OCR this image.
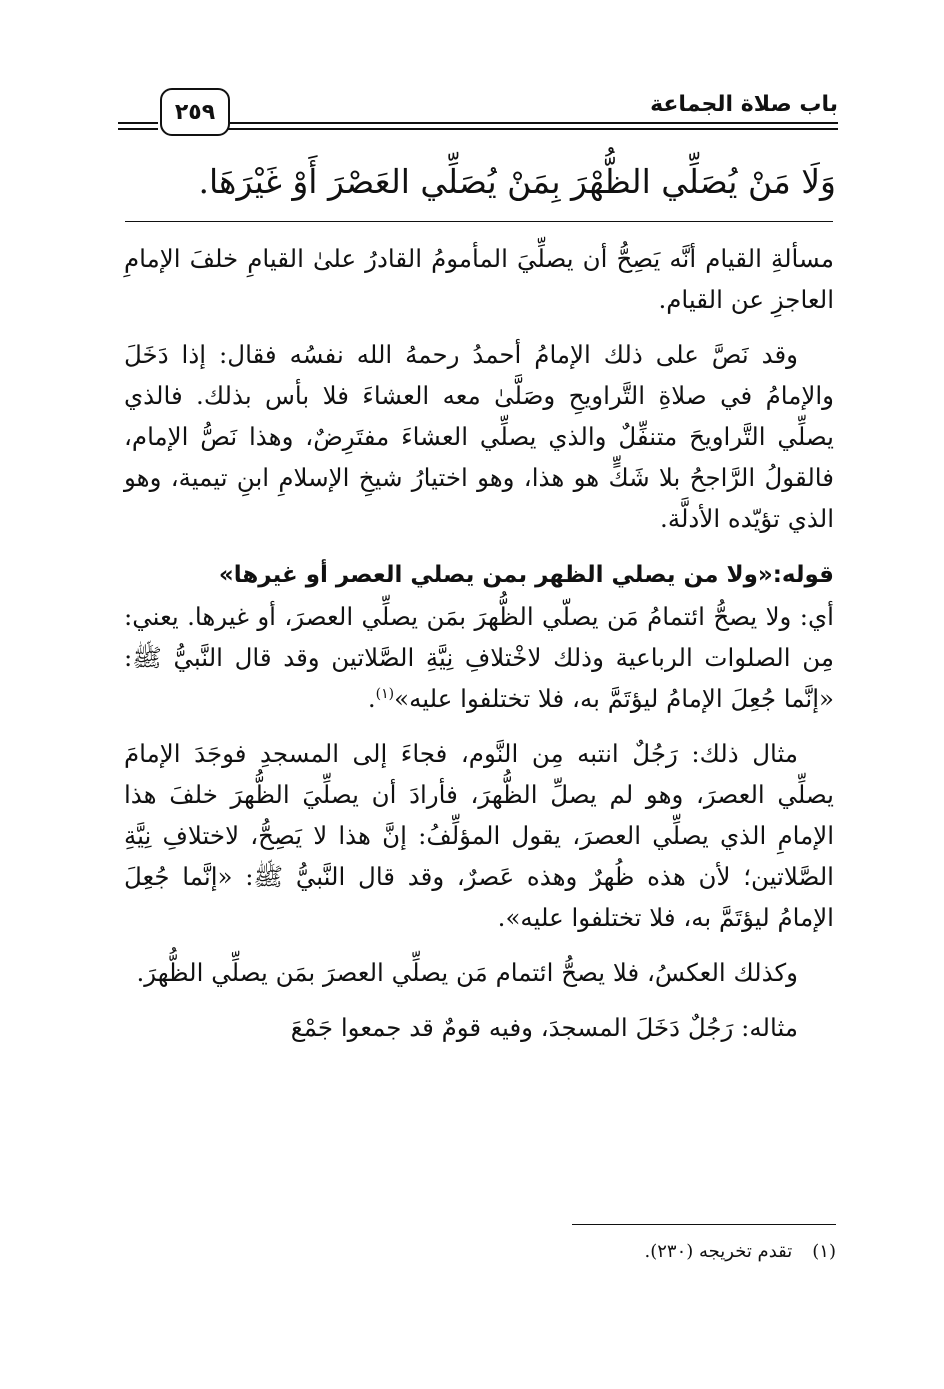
باب صلاة الجماعة
٢٥٩
وَلَا مَنْ يُصَلِّي الظُّهْرَ بِمَنْ يُصَلِّي العَصْرَ أَوْ غَيْرَهَا.

مسألةِ القيام أنَّه يَصِحُّ أن يصلِّيَ المأمومُ القادرُ علىٰ القيامِ خلفَ الإمامِ العاجزِ عن القيام.

وقد نَصَّ على ذلك الإمامُ أحمدُ رحمهُ الله نفسُه فقال: إذا دَخَلَ والإمامُ في صلاةِ التَّراويحِ وصَلَّىٰ معه العشاءَ فلا بأس بذلك. فالذي يصلِّي التَّراويحَ متنفِّلٌ والذي يصلِّي العشاءَ مفتَرِضٌ، وهذا نَصُّ الإمام، فالقولُ الرَّاجحُ بلا شَكٍّ هو هذا، وهو اختيارُ شيخِ الإسلامِ ابنِ تيمية، وهو الذي تؤيّده الأدلَّة.

قوله:«ولا من يصلي الظهر بمن يصلي العصر أو غيرها»
أي: ولا يصحُّ ائتمامُ مَن يصلّي الظُّهرَ بمَن يصلِّي العصرَ، أو غيرها. يعني: مِن الصلوات الرباعية وذلك لاخْتلافِ نِيَّةِ الصَّلاتين وقد قال النَّبيُّ ﷺ: «إنَّما جُعِلَ الإمامُ ليؤتَمَّ به، فلا تختلفوا عليه»$^{(١)}$.

مثال ذلك: رَجُلٌ انتبه مِن النَّوم، فجاءَ إلى المسجدِ فوجَدَ الإمامَ يصلِّي العصرَ، وهو لم يصلِّ الظُّهرَ، فأرادَ أن يصلِّيَ الظُّهرَ خلفَ هذا الإمامِ الذي يصلِّي العصرَ، يقول المؤلِّفُ: إنَّ هذا لا يَصِحُّ، لاختلافِ نِيَّةِ الصَّلاتين؛ لأن هذه ظُهرٌ وهذه عَصرٌ، وقد قال النَّبيُّ ﷺ: «إنَّما جُعِلَ الإمامُ ليؤتَمَّ به، فلا تختلفوا عليه».

وكذلك العكسُ، فلا يصحُّ ائتمام مَن يصلِّي العصرَ بمَن يصلِّي الظُّهرَ.

مثاله: رَجُلٌ دَخَلَ المسجدَ، وفيه قومٌ قد جمعوا جَمْعَ

(١)تقدم تخريجه (٢٣٠).
